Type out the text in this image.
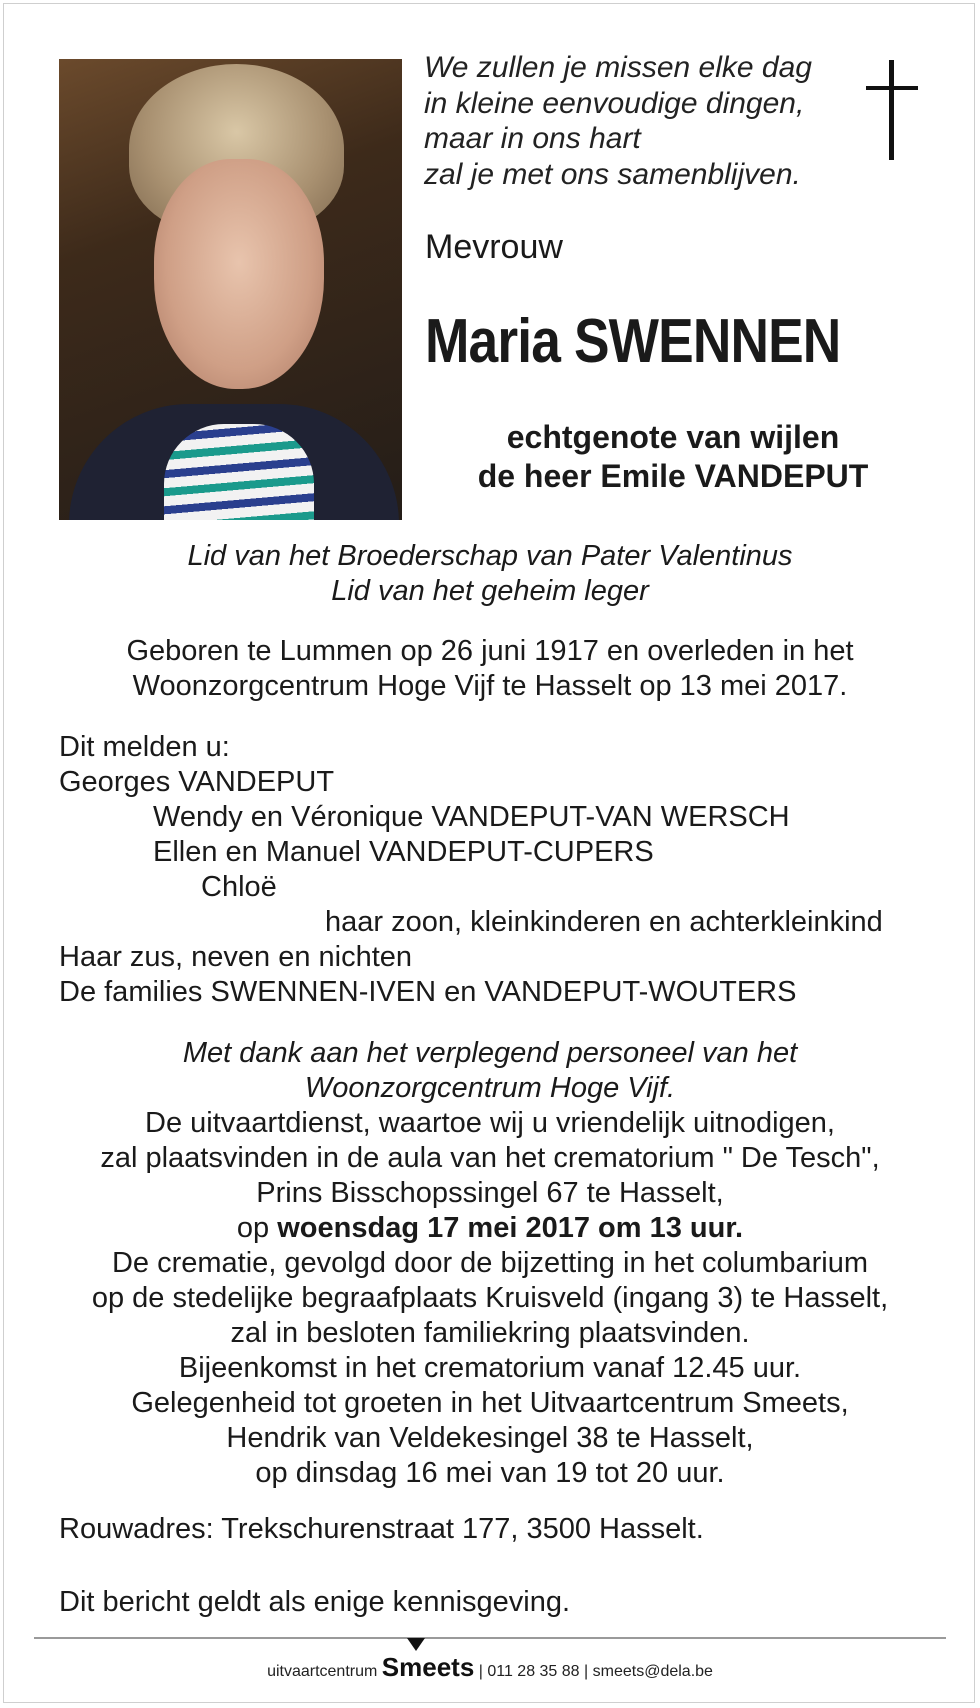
We zullen je missen elke dag
in kleine eenvoudige dingen,
maar in ons hart
zal je met ons samenblijven.
Mevrouw
Maria SWENNEN
echtgenote van wijlen
de heer Emile VANDEPUT
Lid van het Broederschap van Pater Valentinus
Lid van het geheim leger
Geboren te Lummen op 26 juni 1917 en overleden in het
Woonzorgcentrum Hoge Vijf te Hasselt op 13 mei 2017.
Dit melden u:
Georges VANDEPUT
Wendy en Véronique VANDEPUT-VAN WERSCH
Ellen en Manuel VANDEPUT-CUPERS
Chloë
haar zoon, kleinkinderen en achterkleinkind
Haar zus, neven en nichten
De families SWENNEN-IVEN en VANDEPUT-WOUTERS
Met dank aan het verplegend personeel van het
Woonzorgcentrum Hoge Vijf.
De uitvaartdienst, waartoe wij u vriendelijk uitnodigen,
zal plaatsvinden in de aula van het crematorium " De Tesch",
Prins Bisschopssingel 67 te Hasselt,
op woensdag 17 mei 2017 om 13 uur.
De crematie, gevolgd door de bijzetting in het columbarium
op de stedelijke begraafplaats Kruisveld (ingang 3) te Hasselt,
zal in besloten familiekring plaatsvinden.
Bijeenkomst in het crematorium vanaf 12.45 uur.
Gelegenheid tot groeten in het Uitvaartcentrum Smeets,
Hendrik van Veldekesingel 38 te Hasselt,
op dinsdag 16 mei van 19 tot 20 uur.
Rouwadres: Trekschurenstraat 177, 3500 Hasselt.
Dit bericht geldt als enige kennisgeving.
uitvaartcentrum Smeets | 011 28 35 88 | smeets@dela.be
